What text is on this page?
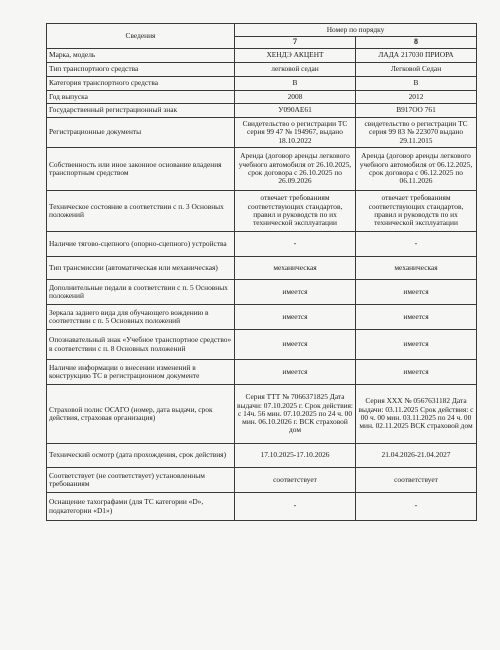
Сведения	Номер по порядку	
	7	8
Марка, модель	ХЕНДЭ АКЦЕНТ	ЛАДА 217030 ПРИОРА
Тип транспортного средства	легковой седан	Легковой Седан
Категория транспортного средства	В	В
Год выпуска	2008	2012
Государственный регистрационный знак	У090АЕ61	В917ОО 761
Регистрационные документы	Свидетельство о регистрации ТС серия 99 47 № 194967, выдано 18.10.2022	свидетельство о регистрации ТС серия 99 83 № 223070 выдано 29.11.2015
Собственность или иное законное основание владения транспортным средством	Аренда (договор аренды легкового учебного автомобиля от 26.10.2025, срок договора с 26.10.2025 по 26.09.2026	Аренда (договор аренды легкового учебного автомобиля от 06.12.2025, срок договора с 06.12.2025 по 06.11.2026
Техническое состояние в соответствии с п. 3 Основных положений	отвечает требованиям соответствующих стандартов, правил и руководств по их технической эксплуатации	отвечает требованиям соответствующих стандартов, правил и руководств по их технической эксплуатации
Наличие тягово-сцепного (опорно-сцепного) устройства	-	-
Тип трансмиссии (автоматическая или механическая)	механическая	механическая
Дополнительные педали в соответствии с п. 5 Основных положений	имеется	имеется
Зеркала заднего вида для обучающего вождению в соответствии с п. 5 Основных положений	имеется	имеется
Опознавательный знак «Учебное транспортное средство» в соответствии с п. 8 Основных положений	имеется	имеется
Наличие информации о внесении изменений в конструкцию ТС в регистрационном документе	имеется	имеется
Страховой полис ОСАГО (номер, дата выдачи, срок действия, страховая организация)	Серия ТТТ № 7066371825 Дата выдачи: 07.10.2025 г. Срок действия: с 14ч. 56 мин. 07.10.2025 по 24 ч. 00 мин. 06.10.2026 г. ВСК страховой дом	Серия ХХХ № 0567631182 Дата выдачи: 03.11.2025 Срок действия: с 00 ч. 00 мин. 03.11.2025 по 24 ч. 00 мин. 02.11.2025 ВСК страховой дом
Технический осмотр (дата прохождения, срок действия)	17.10.2025-17.10.2026	21.04.2026-21.04.2027
Соответствует (не соответствует) установленным требованиям	соответствует	соответствует
Оснащение тахографами (для ТС категории «D», подкатегории «D1»)	-	-
